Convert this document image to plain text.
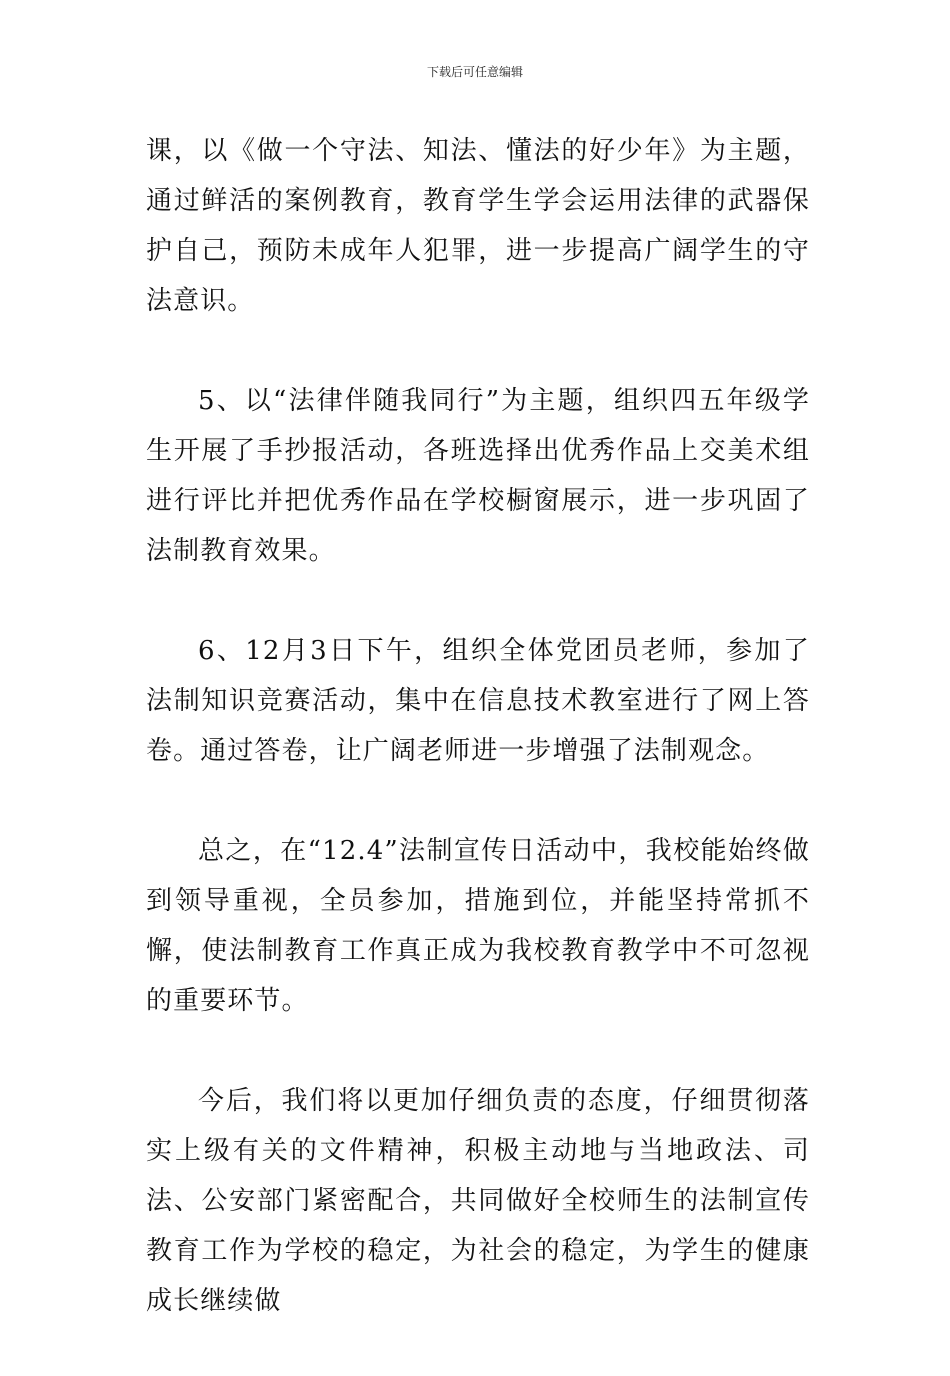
下载后可任意编辑

课，以《做一个守法、知法、懂法的好少年》为主题，通过鲜活的案例教育，教育学生学会运用法律的武器保护自己，预防未成年人犯罪，进一步提高广阔学生的守法意识。

5、以“法律伴随我同行”为主题，组织四五年级学生开展了手抄报活动，各班选择出优秀作品上交美术组进行评比并把优秀作品在学校橱窗展示，进一步巩固了法制教育效果。

6、12月3日下午，组织全体党团员老师，参加了法制知识竞赛活动，集中在信息技术教室进行了网上答卷。通过答卷，让广阔老师进一步增强了法制观念。

总之，在“12.4”法制宣传日活动中，我校能始终做到领导重视，全员参加，措施到位，并能坚持常抓不懈，使法制教育工作真正成为我校教育教学中不可忽视的重要环节。

今后，我们将以更加仔细负责的态度，仔细贯彻落实上级有关的文件精神，积极主动地与当地政法、司法、公安部门紧密配合，共同做好全校师生的法制宣传教育工作为学校的稳定，为社会的稳定，为学生的健康成长继续做
